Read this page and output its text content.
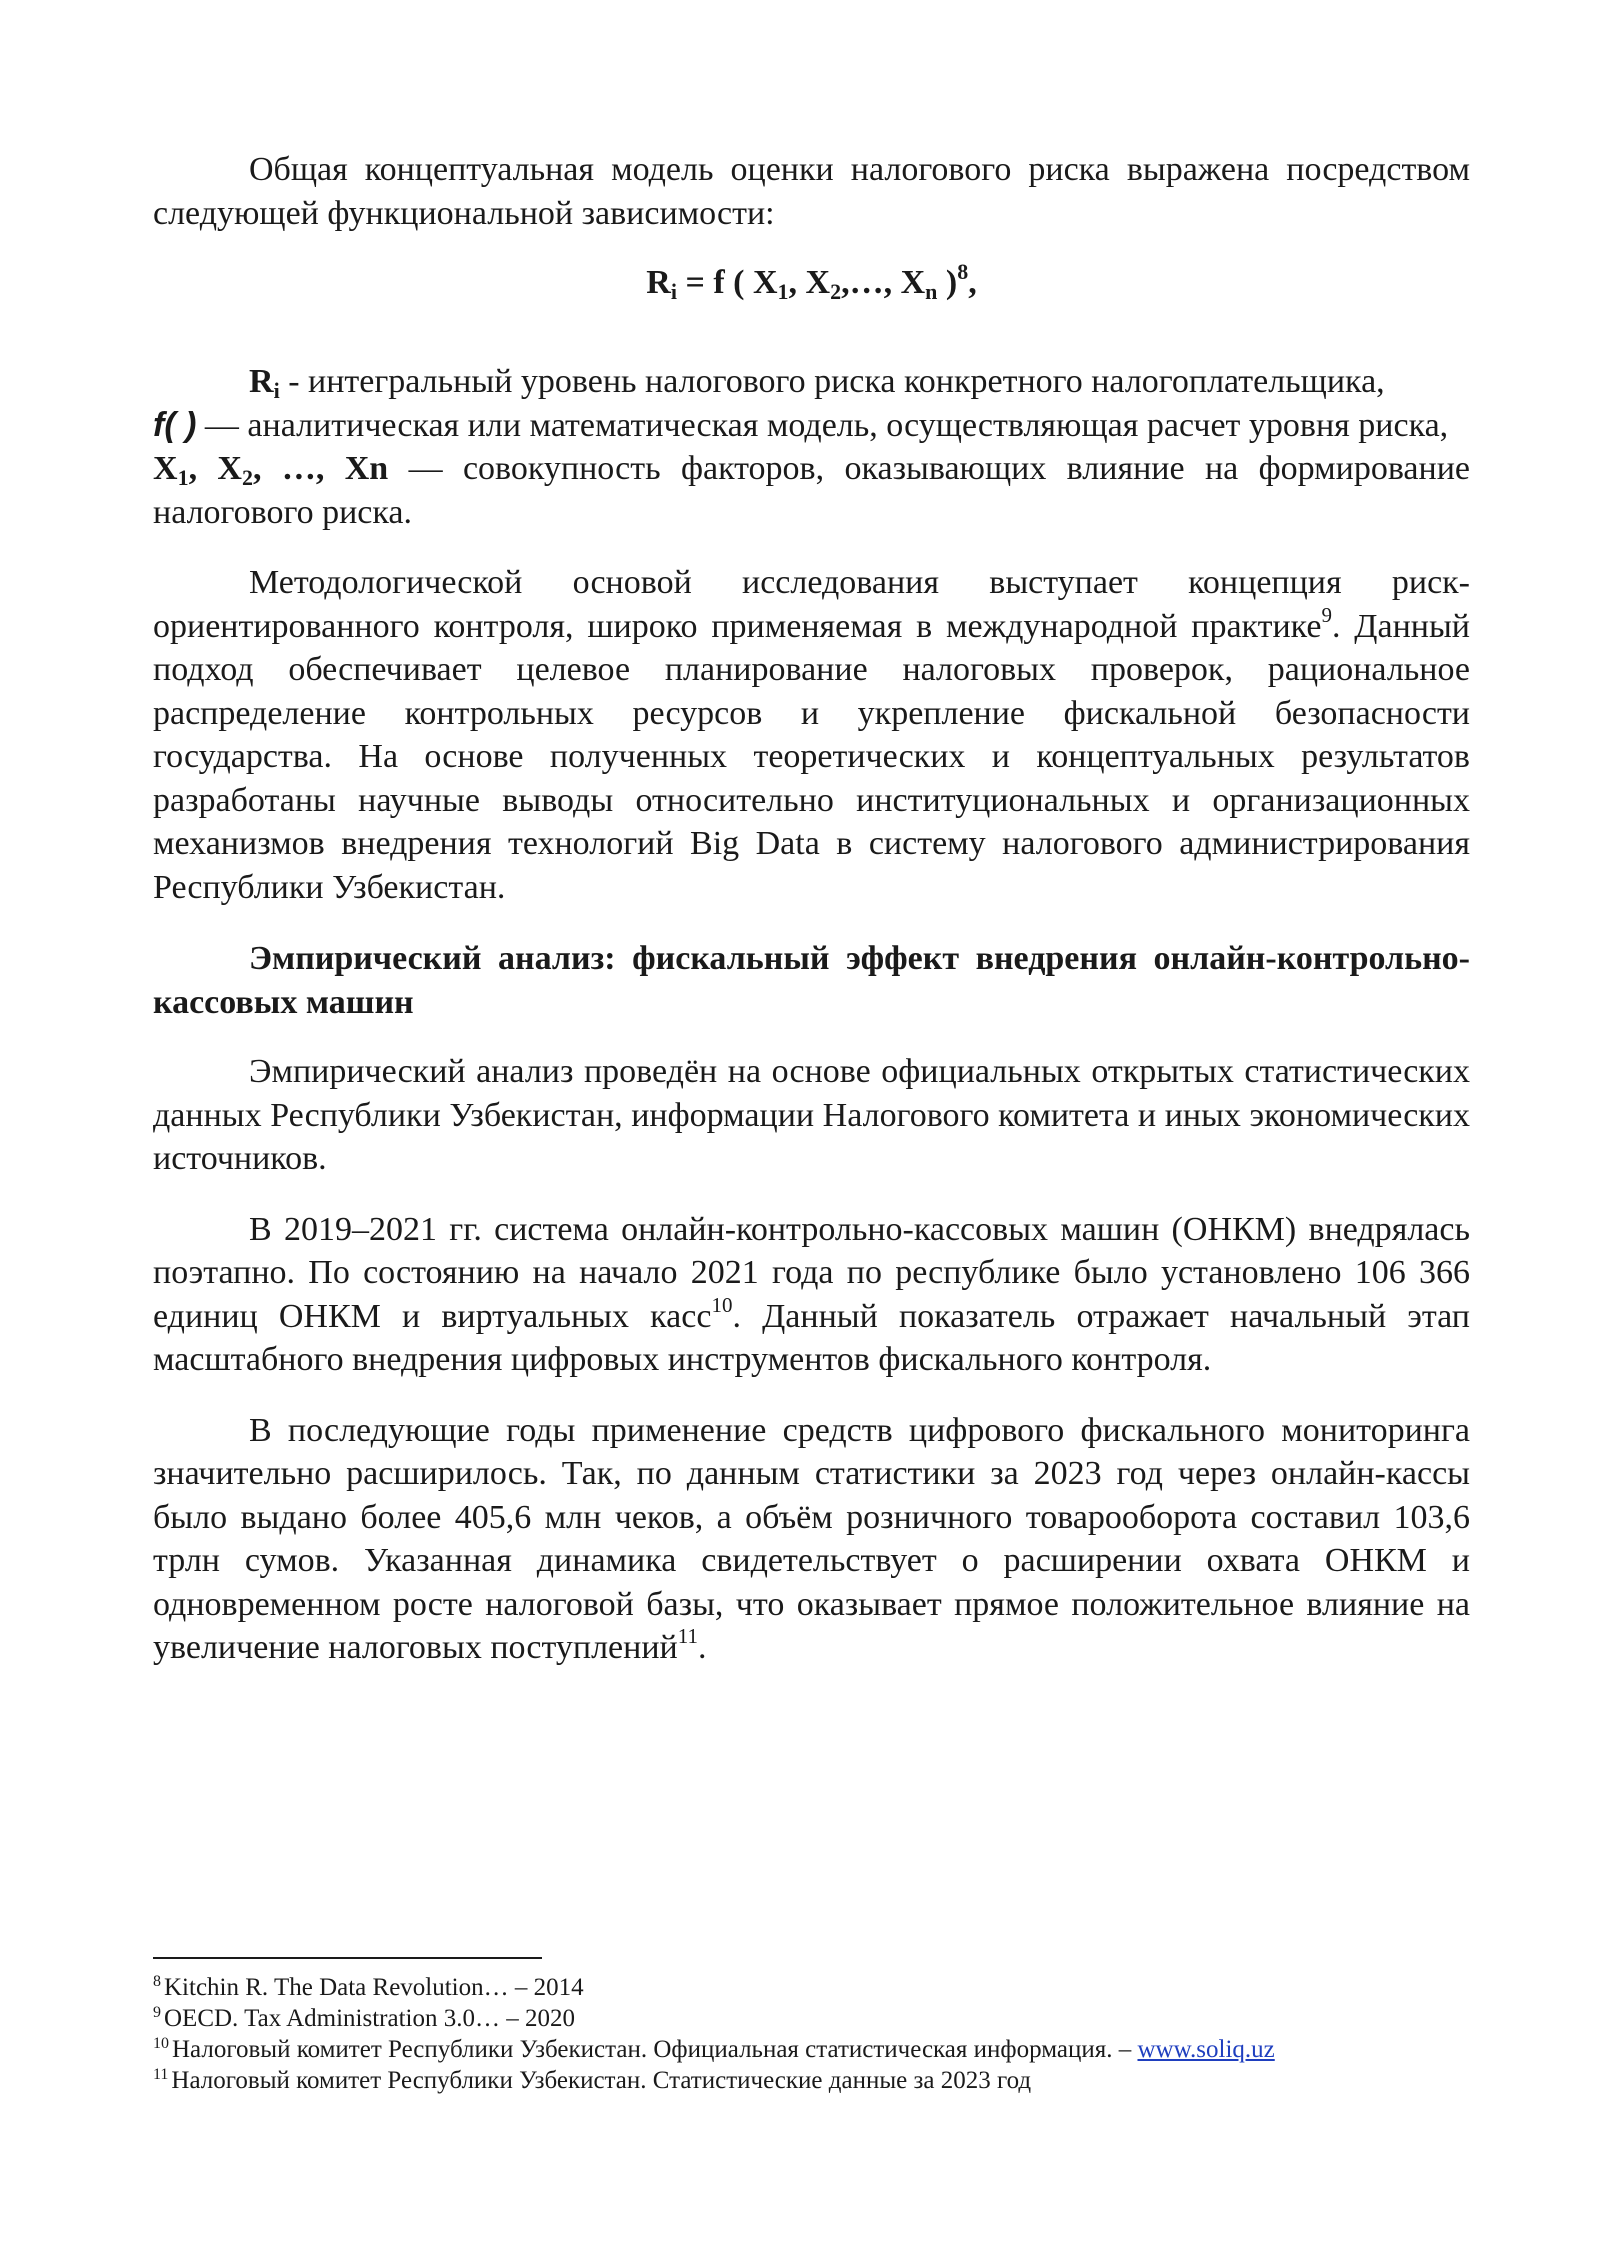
Общая концептуальная модель оценки налогового риска выражена посредством следующей функциональной зависимости:

$R_i = f$ ( $X_1$, $X_2,\dots$, $X_n$ )$^8$,

$R_i$ - интегральный уровень налогового риска конкретного налогоплательщика,

f( ) — аналитическая или математическая модель, осуществляющая расчет уровня риска,

$X_1$, $X_2$, …, Xn — совокупность факторов, оказывающих влияние на формирование налогового риска.

Методологической основой исследования выступает концепция риск-ориентированного контроля, широко применяемая в международной практике$^9$. Данный подход обеспечивает целевое планирование налоговых проверок, рациональное распределение контрольных ресурсов и укрепление фискальной безопасности государства. На основе полученных теоретических и концептуальных результатов разработаны научные выводы относительно институциональных и организационных механизмов внедрения технологий Big Data в систему налогового администрирования Республики Узбекистан.

Эмпирический анализ: фискальный эффект внедрения онлайн-контрольно-кассовых машин

Эмпирический анализ проведён на основе официальных открытых статистических данных Республики Узбекистан, информации Налогового комитета и иных экономических источников.

В 2019–2021 гг. система онлайн-контрольно-кассовых машин (ОНКМ) внедрялась поэтапно. По состоянию на начало 2021 года по республике было установлено 106 366 единиц ОНКМ и виртуальных касс$^{10}$. Данный показатель отражает начальный этап масштабного внедрения цифровых инструментов фискального контроля.

В последующие годы применение средств цифрового фискального мониторинга значительно расширилось. Так, по данным статистики за 2023 год через онлайн-кассы было выдано более 405,6 млн чеков, а объём розничного товарооборота составил 103,6 трлн сумов. Указанная динамика свидетельствует о расширении охвата ОНКМ и одновременном росте налоговой базы, что оказывает прямое положительное влияние на увеличение налоговых поступлений$^{11}$.

$^8$ Kitchin R. The Data Revolution… – 2014
$^9$ OECD. Tax Administration 3.0… – 2020
$^{10}$ Налоговый комитет Республики Узбекистан. Официальная статистическая информация. – www.soliq.uz
$^{11}$ Налоговый комитет Республики Узбекистан. Статистические данные за 2023 год
